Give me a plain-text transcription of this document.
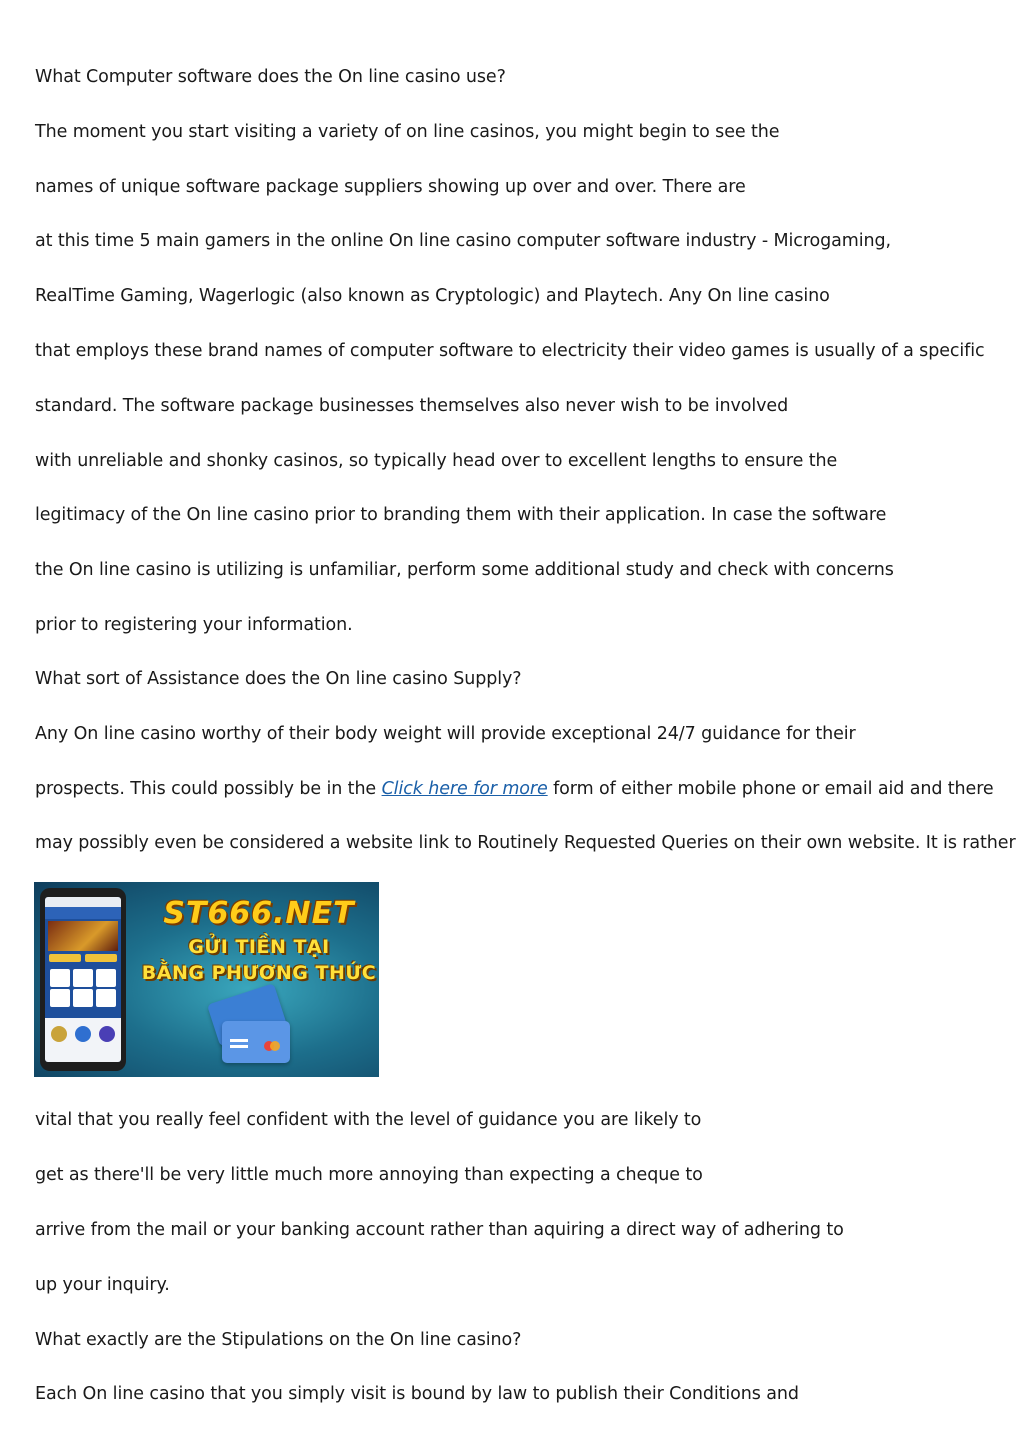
What Computer software does the On line casino use?

The moment you start visiting a variety of on line casinos, you might begin to see the

names of unique software package suppliers showing up over and over. There are

at this time 5 main gamers in the online On line casino computer software industry - Microgaming,

RealTime Gaming, Wagerlogic (also known as Cryptologic) and Playtech. Any On line casino

that employs these brand names of computer software to electricity their video games is usually of a specific

standard. The software package businesses themselves also never wish to be involved

with unreliable and shonky casinos, so typically head over to excellent lengths to ensure the

legitimacy of the On line casino prior to branding them with their application. In case the software

the On line casino is utilizing is unfamiliar, perform some additional study and check with concerns

prior to registering your information.

What sort of Assistance does the On line casino Supply?

Any On line casino worthy of their body weight will provide exceptional 24/7 guidance for their

prospects. This could possibly be in the Click here for more form of either mobile phone or email aid and there

may possibly even be considered a website link to Routinely Requested Queries on their own website. It is rather

ST666.NET
GỬI TIỀN TẠI
BẰNG PHƯƠNG THỨC

vital that you really feel confident with the level of guidance you are likely to

get as there'll be very little much more annoying than expecting a cheque to

arrive from the mail or your banking account rather than aquiring a direct way of adhering to

up your inquiry.

What exactly are the Stipulations on the On line casino?

Each On line casino that you simply visit is bound by law to publish their Conditions and
